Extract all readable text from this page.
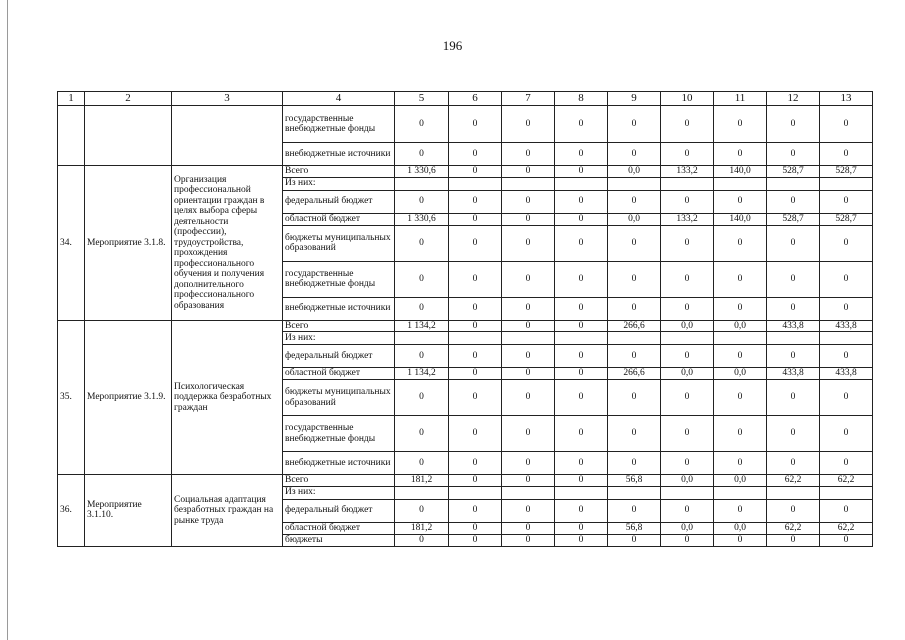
196
1	2	3	4	5	6	7	8	9	10	11	12	13
			государственные внебюджетные фонды	0	0	0	0	0	0	0	0	0
			внебюджетные источники	0	0	0	0	0	0	0	0	0
34.	Мероприятие 3.1.8.	Организация профессиональной ориентации граждан в целях выбора сферы деятельности (профессии), трудоустройства, прохождения профессионального обучения и получения дополнительного профессионального образования	Всего	1 330,6	0	0	0	0,0	133,2	140,0	528,7	528,7
			Из них:									
			федеральный бюджет	0	0	0	0	0	0	0	0	0
			областной бюджет	1 330,6	0	0	0	0,0	133,2	140,0	528,7	528,7
			бюджеты муниципальных образований	0	0	0	0	0	0	0	0	0
			государственные внебюджетные фонды	0	0	0	0	0	0	0	0	0
			внебюджетные источники	0	0	0	0	0	0	0	0	0
35.	Мероприятие 3.1.9.	Психологическая поддержка безработных граждан	Всего	1 134,2	0	0	0	266,6	0,0	0,0	433,8	433,8
			Из них:									
			федеральный бюджет	0	0	0	0	0	0	0	0	0
			областной бюджет	1 134,2	0	0	0	266,6	0,0	0,0	433,8	433,8
			бюджеты муниципальных образований	0	0	0	0	0	0	0	0	0
			государственные внебюджетные фонды	0	0	0	0	0	0	0	0	0
			внебюджетные источники	0	0	0	0	0	0	0	0	0
36.	Мероприятие 3.1.10.	Социальная адаптация безработных граждан на рынке труда	Всего	181,2	0	0	0	56,8	0,0	0,0	62,2	62,2
			Из них:									
			федеральный бюджет	0	0	0	0	0	0	0	0	0
			областной бюджет	181,2	0	0	0	56,8	0,0	0,0	62,2	62,2
			бюджеты	0	0	0	0	0	0	0	0	0
